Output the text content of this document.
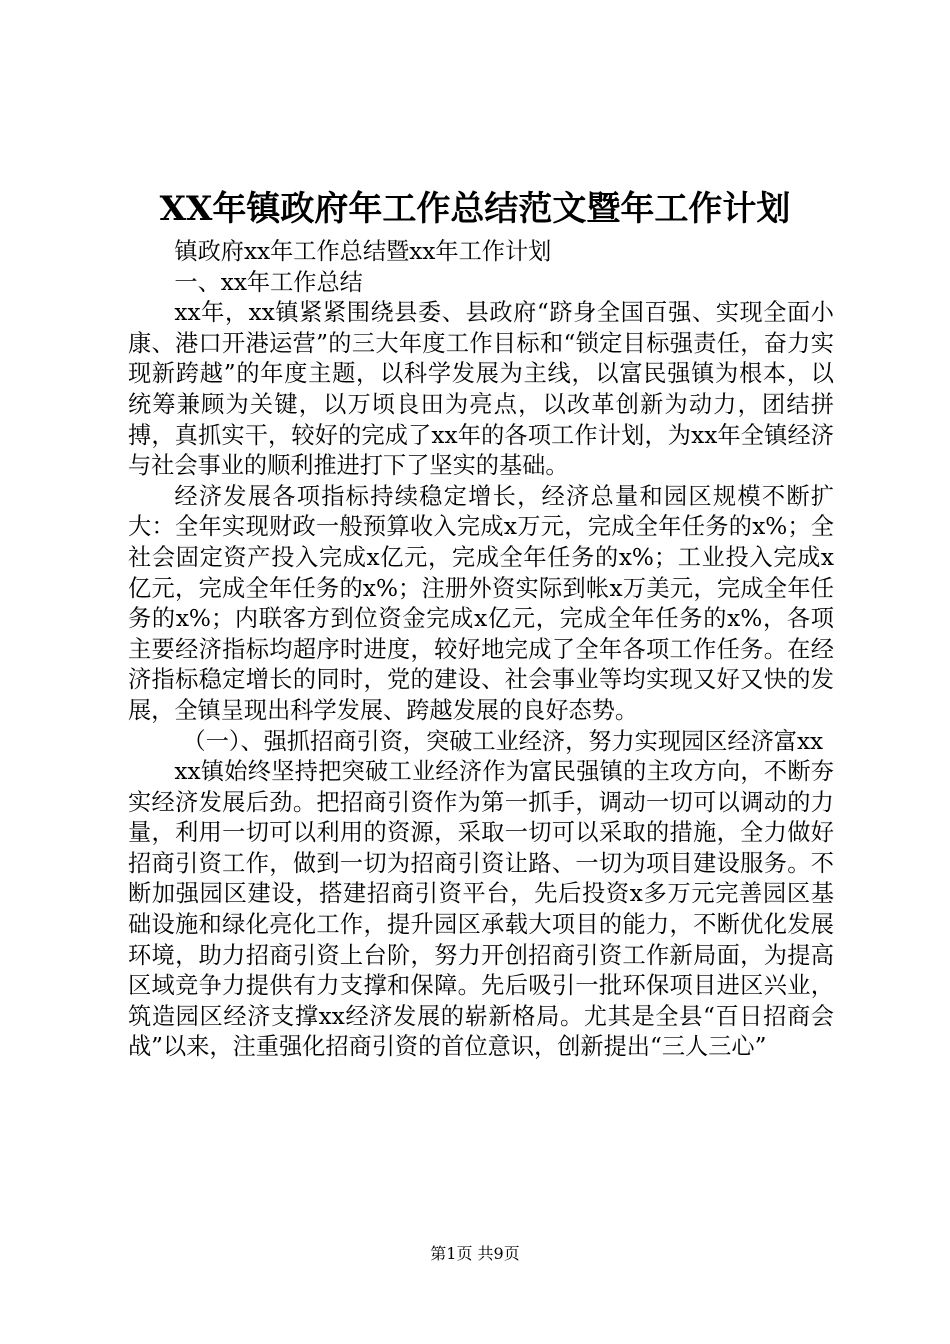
XX年镇政府年工作总结范文暨年工作计划

镇政府xx年工作总结暨xx年工作计划

一、xx年工作总结

xx年，xx镇紧紧围绕县委、县政府“跻身全国百强、实现全面小康、港口开港运营”的三大年度工作目标和“锁定目标强责任，奋力实现新跨越”的年度主题，以科学发展为主线，以富民强镇为根本，以统筹兼顾为关键，以万顷良田为亮点，以改革创新为动力，团结拼搏，真抓实干，较好的完成了xx年的各项工作计划，为xx年全镇经济与社会事业的顺利推进打下了坚实的基础。

经济发展各项指标持续稳定增长，经济总量和园区规模不断扩大：全年实现财政一般预算收入完成x万元，完成全年任务的x%；全社会固定资产投入完成x亿元，完成全年任务的x%；工业投入完成x亿元，完成全年任务的x%；注册外资实际到帐x万美元，完成全年任务的x%；内联客方到位资金完成x亿元，完成全年任务的x%，各项主要经济指标均超序时进度，较好地完成了全年各项工作任务。在经济指标稳定增长的同时，党的建设、社会事业等均实现又好又快的发展，全镇呈现出科学发展、跨越发展的良好态势。

（一）、强抓招商引资，突破工业经济，努力实现园区经济富xx

xx镇始终坚持把突破工业经济作为富民强镇的主攻方向，不断夯实经济发展后劲。把招商引资作为第一抓手，调动一切可以调动的力量，利用一切可以利用的资源，采取一切可以采取的措施，全力做好招商引资工作，做到一切为招商引资让路、一切为项目建设服务。不断加强园区建设，搭建招商引资平台，先后投资x多万元完善园区基础设施和绿化亮化工作，提升园区承载大项目的能力，不断优化发展环境，助力招商引资上台阶，努力开创招商引资工作新局面，为提高区域竞争力提供有力支撑和保障。先后吸引一批环保项目进区兴业，筑造园区经济支撑xx经济发展的崭新格局。尤其是全县“百日招商会战”以来，注重强化招商引资的首位意识，创新提出“三人三心”

第1页 共9页
